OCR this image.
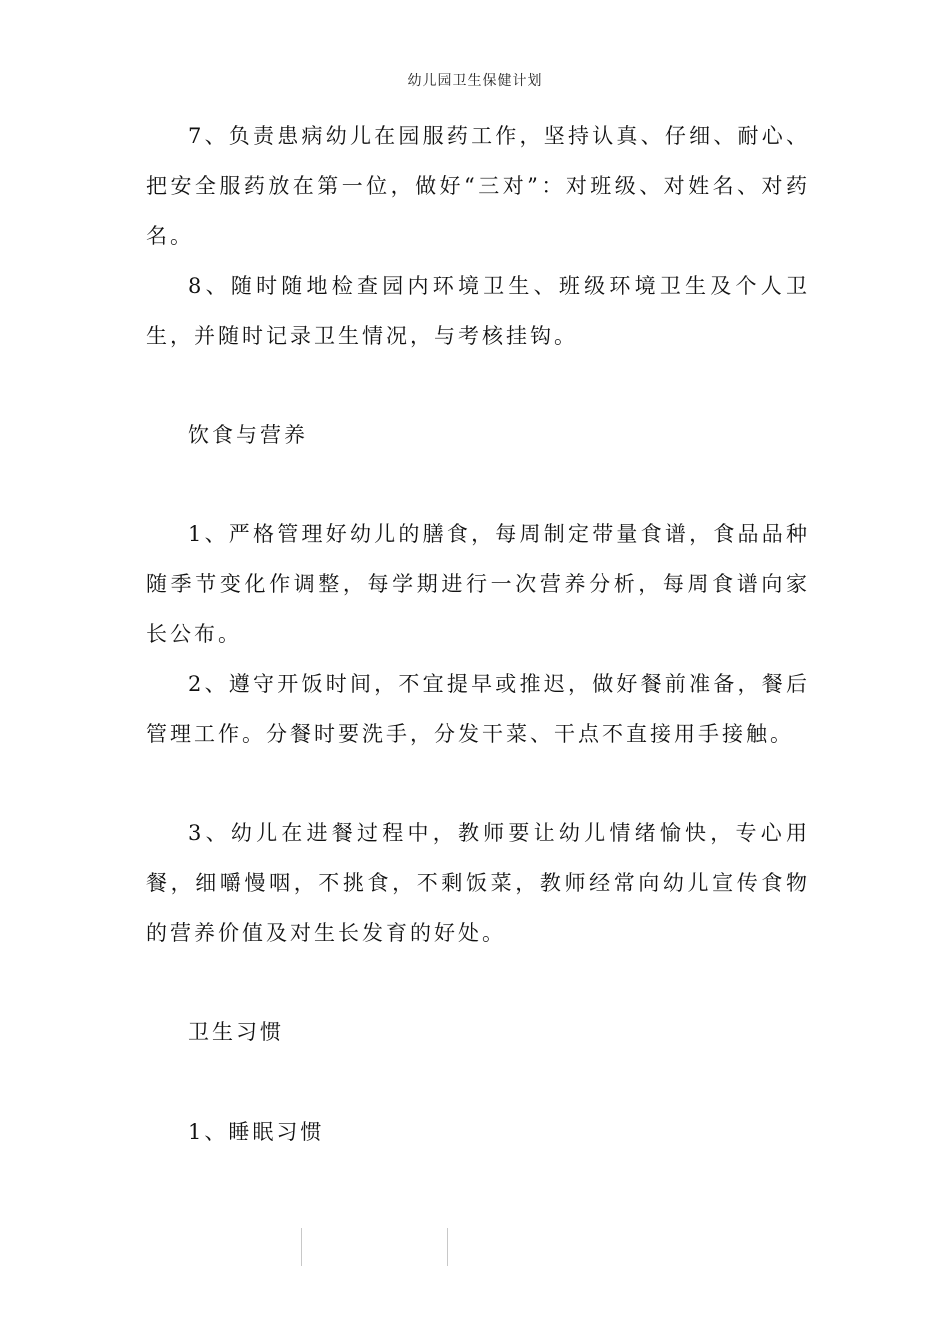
幼儿园卫生保健计划

7、负责患病幼儿在园服药工作，坚持认真、仔细、耐心、把安全服药放在第一位，做好“三对”：对班级、对姓名、对药名。

8、随时随地检查园内环境卫生、班级环境卫生及个人卫生，并随时记录卫生情况，与考核挂钩。

饮食与营养

1、严格管理好幼儿的膳食，每周制定带量食谱，食品品种随季节变化作调整，每学期进行一次营养分析，每周食谱向家长公布。

2、遵守开饭时间，不宜提早或推迟，做好餐前准备，餐后管理工作。分餐时要洗手，分发干菜、干点不直接用手接触。

3、幼儿在进餐过程中，教师要让幼儿情绪愉快，专心用餐，细嚼慢咽，不挑食，不剩饭菜，教师经常向幼儿宣传食物的营养价值及对生长发育的好处。

卫生习惯

1、睡眠习惯
